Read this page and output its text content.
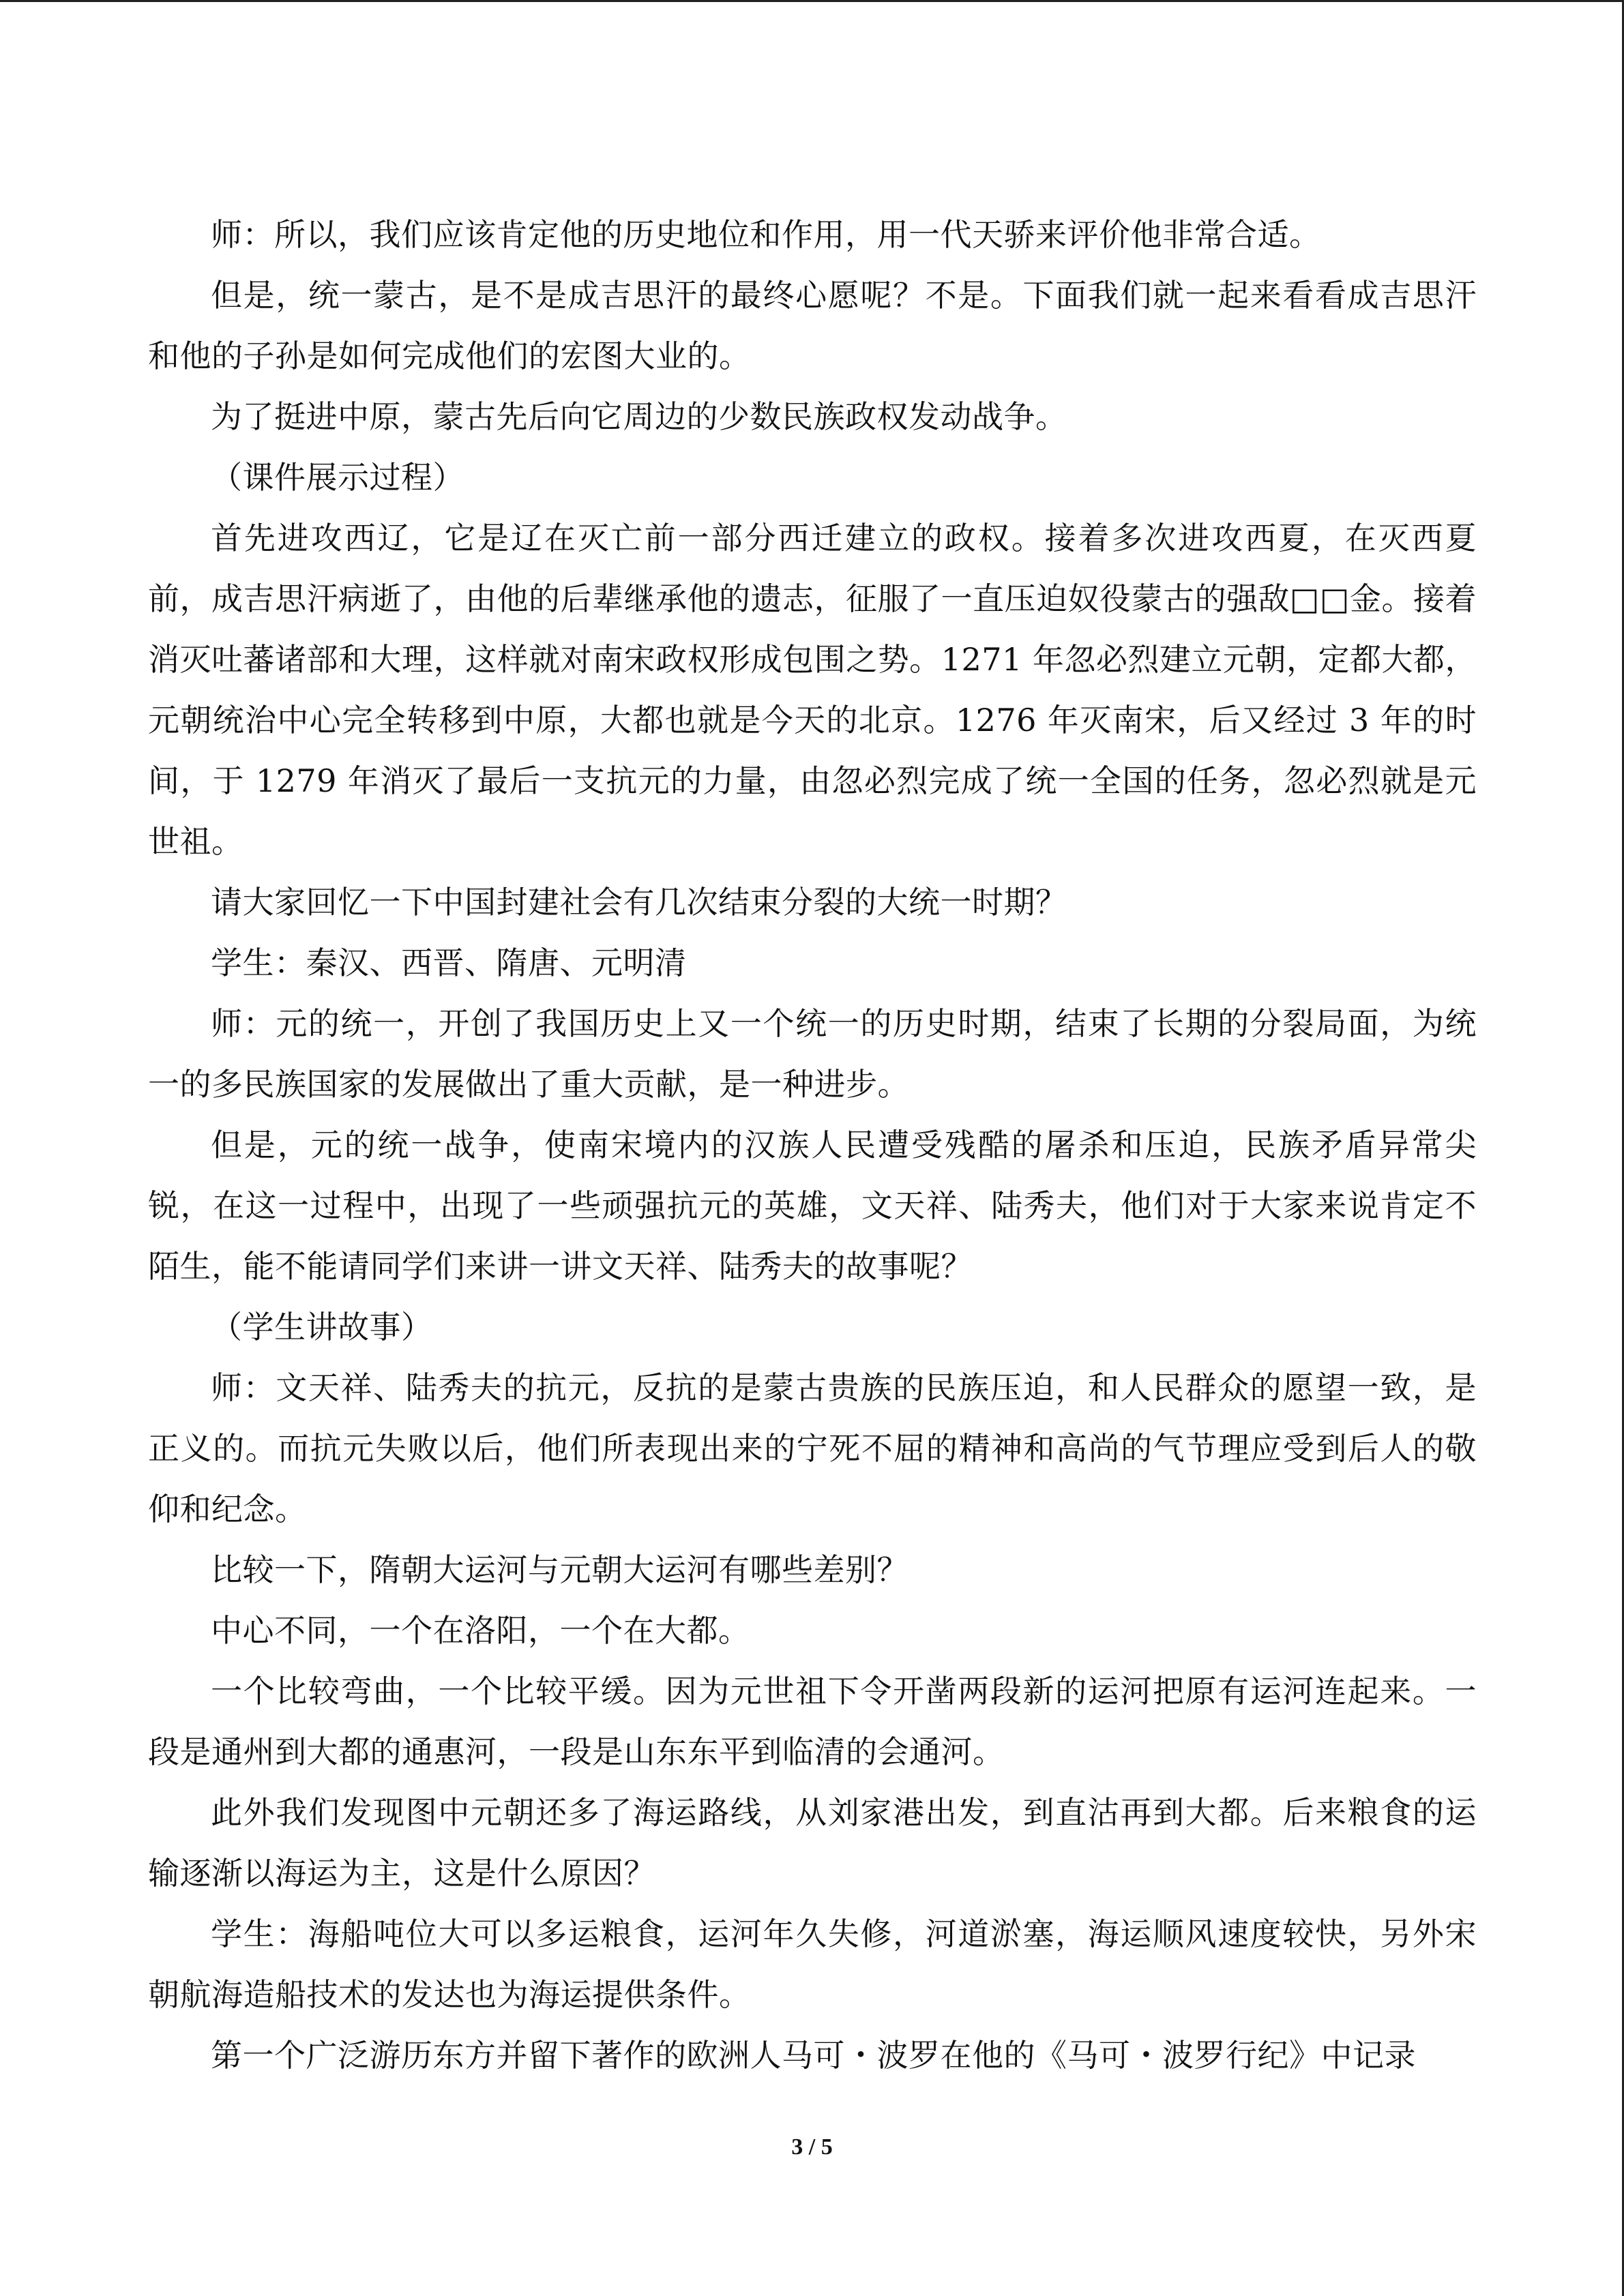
师：所以，我们应该肯定他的历史地位和作用，用一代天骄来评价他非常合适。

但是，统一蒙古，是不是成吉思汗的最终心愿呢？不是。下面我们就一起来看看成吉思汗和他的子孙是如何完成他们的宏图大业的。

为了挺进中原，蒙古先后向它周边的少数民族政权发动战争。

（课件展示过程）

首先进攻西辽，它是辽在灭亡前一部分西迁建立的政权。接着多次进攻西夏，在灭西夏前，成吉思汗病逝了，由他的后辈继承他的遗志，征服了一直压迫奴役蒙古的强敌□□金。接着消灭吐蕃诸部和大理，这样就对南宋政权形成包围之势。1271 年忽必烈建立元朝，定都大都，元朝统治中心完全转移到中原，大都也就是今天的北京。1276 年灭南宋，后又经过 3 年的时间，于 1279 年消灭了最后一支抗元的力量，由忽必烈完成了统一全国的任务，忽必烈就是元世祖。

请大家回忆一下中国封建社会有几次结束分裂的大统一时期？

学生：秦汉、西晋、隋唐、元明清

师：元的统一，开创了我国历史上又一个统一的历史时期，结束了长期的分裂局面，为统一的多民族国家的发展做出了重大贡献，是一种进步。

但是，元的统一战争，使南宋境内的汉族人民遭受残酷的屠杀和压迫，民族矛盾异常尖锐，在这一过程中，出现了一些顽强抗元的英雄，文天祥、陆秀夫，他们对于大家来说肯定不陌生，能不能请同学们来讲一讲文天祥、陆秀夫的故事呢？

（学生讲故事）

师：文天祥、陆秀夫的抗元，反抗的是蒙古贵族的民族压迫，和人民群众的愿望一致，是正义的。而抗元失败以后，他们所表现出来的宁死不屈的精神和高尚的气节理应受到后人的敬仰和纪念。

比较一下，隋朝大运河与元朝大运河有哪些差别？

中心不同，一个在洛阳，一个在大都。

一个比较弯曲，一个比较平缓。因为元世祖下令开凿两段新的运河把原有运河连起来。一段是通州到大都的通惠河，一段是山东东平到临清的会通河。

此外我们发现图中元朝还多了海运路线，从刘家港出发，到直沽再到大都。后来粮食的运输逐渐以海运为主，这是什么原因？

学生：海船吨位大可以多运粮食，运河年久失修，河道淤塞，海运顺风速度较快，另外宋朝航海造船技术的发达也为海运提供条件。

第一个广泛游历东方并留下著作的欧洲人马可・波罗在他的《马可・波罗行纪》中记录

3 / 5
